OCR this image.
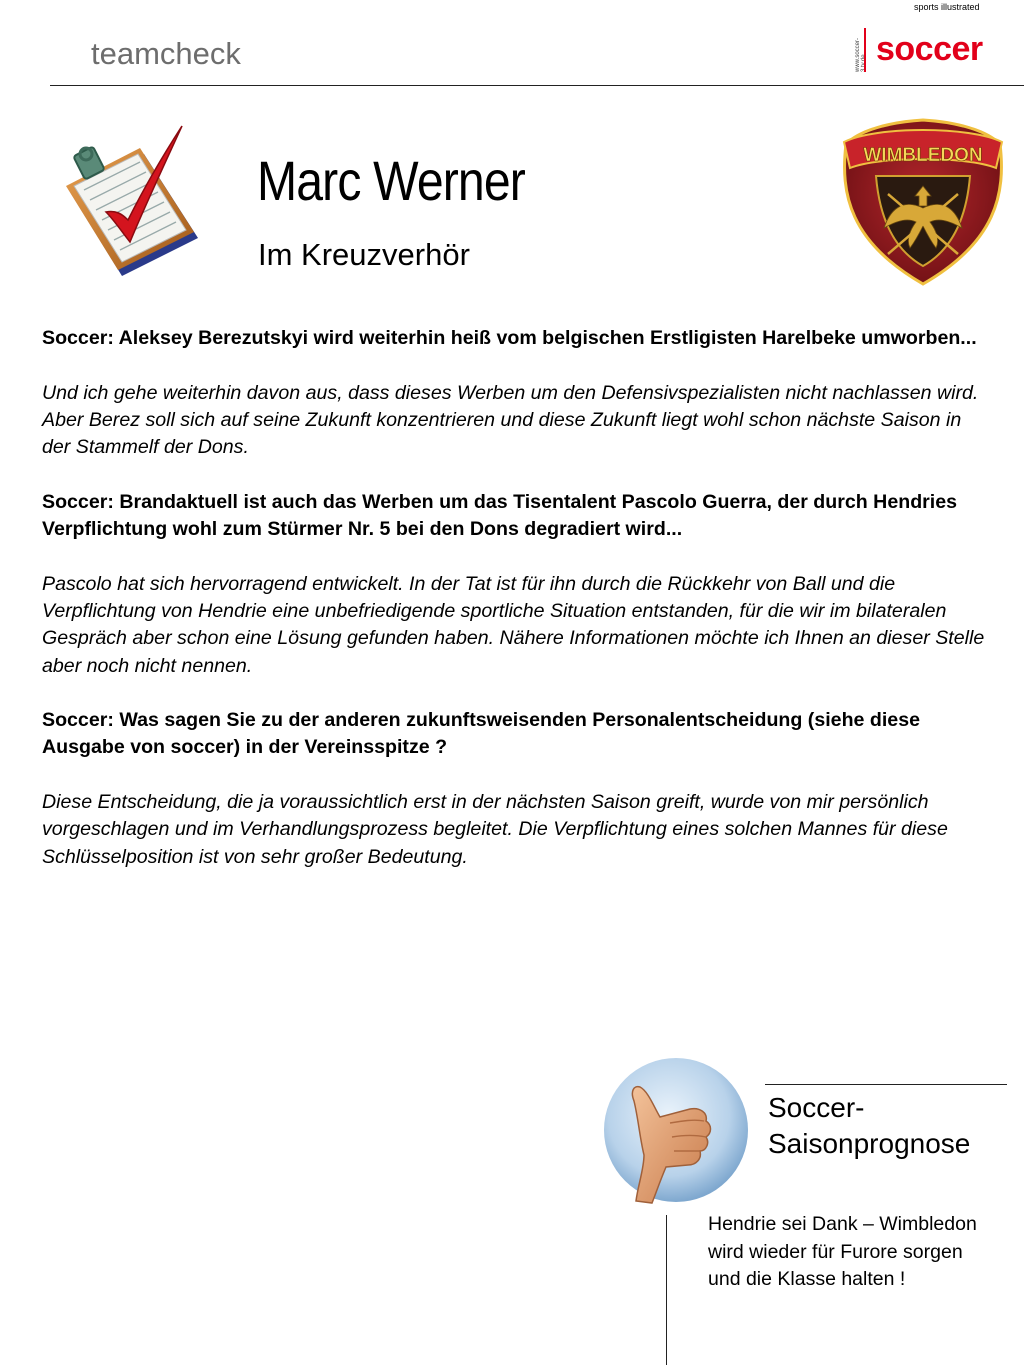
teamcheck
sports illustrated
www.soccer- soccer
Marc Werner
Im Kreuzverhör
WIMBLEDON

Soccer: Aleksey Berezutskyi wird weiterhin heiß vom belgischen Erstligisten Harelbeke umworben...

Und ich gehe weiterhin davon aus, dass dieses Werben um den Defensivspezialisten nicht nachlassen wird. Aber Berez soll sich auf seine Zukunft konzentrieren und diese Zukunft liegt wohl schon nächste Saison in der Stammelf der Dons.

Soccer: Brandaktuell ist auch das Werben um das Tisentalent Pascolo Guerra, der durch Hendries Verpflichtung wohl zum Stürmer Nr. 5 bei den Dons degradiert wird...

Pascolo hat sich hervorragend entwickelt. In der Tat ist für ihn durch die Rückkehr von Ball und die Verpflichtung von Hendrie eine unbefriedigende sportliche Situation entstanden, für die wir im bilateralen Gespräch aber schon eine Lösung gefunden haben. Nähere Informationen möchte ich Ihnen an dieser Stelle aber noch nicht nennen.

Soccer: Was sagen Sie zu der anderen zukunftsweisenden Personalentscheidung (siehe diese Ausgabe von soccer) in der Vereinsspitze ?

Diese Entscheidung, die ja voraussichtlich erst in der nächsten Saison greift, wurde von mir persönlich vorgeschlagen und im Verhandlungsprozess begleitet. Die Verpflichtung eines solchen Mannes für diese Schlüsselposition ist von sehr großer Bedeutung.

Soccer-
Saisonprognose
Hendrie sei Dank – Wimbledon wird wieder für Furore sorgen und die Klasse halten !
